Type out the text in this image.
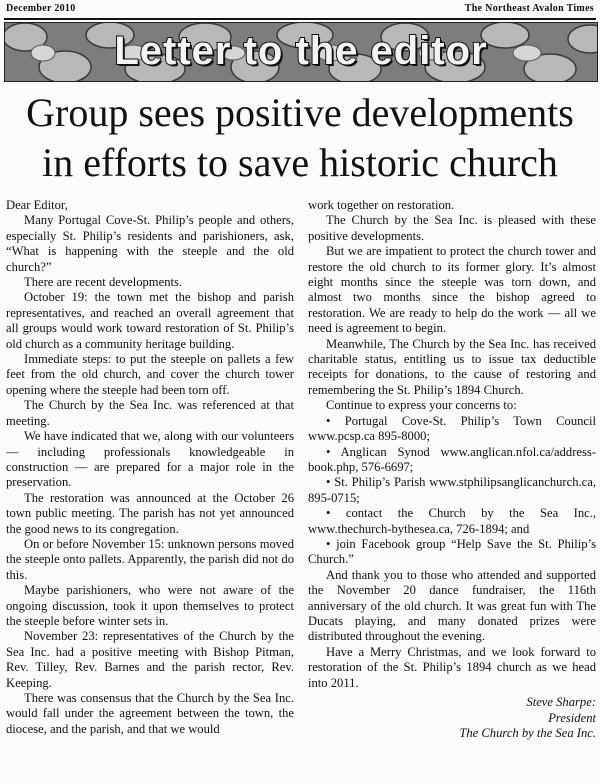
December 2010	The Northeast Avalon Times
Letter to the editor
Group sees positive developments
in efforts to save historic church

Dear Editor,

Many Portugal Cove-St. Philip’s people and others, especially St. Philip’s residents and parishioners, ask, “What is happening with the steeple and the old church?”

There are recent developments.

October 19: the town met the bishop and parish representatives, and reached an overall agreement that all groups would work toward restoration of St. Philip’s old church as a community heritage building.

Immediate steps: to put the steeple on pallets a few feet from the old church, and cover the church tower opening where the steeple had been torn off.

The Church by the Sea Inc. was referenced at that meeting.

We have indicated that we, along with our volunteers — including professionals knowledgeable in construction — are prepared for a major role in the preservation.

The restoration was announced at the October 26 town public meeting. The parish has not yet announced the good news to its congregation.

On or before November 15: unknown persons moved the steeple onto pallets. Apparently, the parish did not do this.

Maybe parishioners, who were not aware of the ongoing discussion, took it upon themselves to protect the steeple before winter sets in.

November 23: representatives of the Church by the Sea Inc. had a positive meeting with Bishop Pitman, Rev. Tilley, Rev. Barnes and the parish rector, Rev. Keeping.

There was consensus that the Church by the Sea Inc. would fall under the agreement between the town, the diocese, and the parish, and that we would

work together on restoration.

The Church by the Sea Inc. is pleased with these positive developments.

But we are impatient to protect the church tower and restore the old church to its former glory. It’s almost eight months since the steeple was torn down, and almost two months since the bishop agreed to restoration. We are ready to help do the work — all we need is agreement to begin.

Meanwhile, The Church by the Sea Inc. has received charitable status, entitling us to issue tax deductible receipts for donations, to the cause of restoring and remembering the St. Philip’s 1894 Church.

Continue to express your concerns to:

• Portugal Cove-St. Philip’s Town Council www.pcsp.ca 895-8000;

• Anglican Synod www.anglican.nfol.ca/address-book.php, 576-6697;

• St. Philip’s Parish www.stphilipsanglicanchurch.ca, 895-0715;

• contact the Church by the Sea Inc., www.thechurch-bythesea.ca, 726-1894; and

• join Facebook group “Help Save the St. Philip’s Church.”

And thank you to those who attended and supported the November 20 dance fundraiser, the 116th anniversary of the old church. It was great fun with The Ducats playing, and many donated prizes were distributed throughout the evening.

Have a Merry Christmas, and we look forward to restoration of the St. Philip’s 1894 church as we head into 2011.

Steve Sharpe:
President
The Church by the Sea Inc.
